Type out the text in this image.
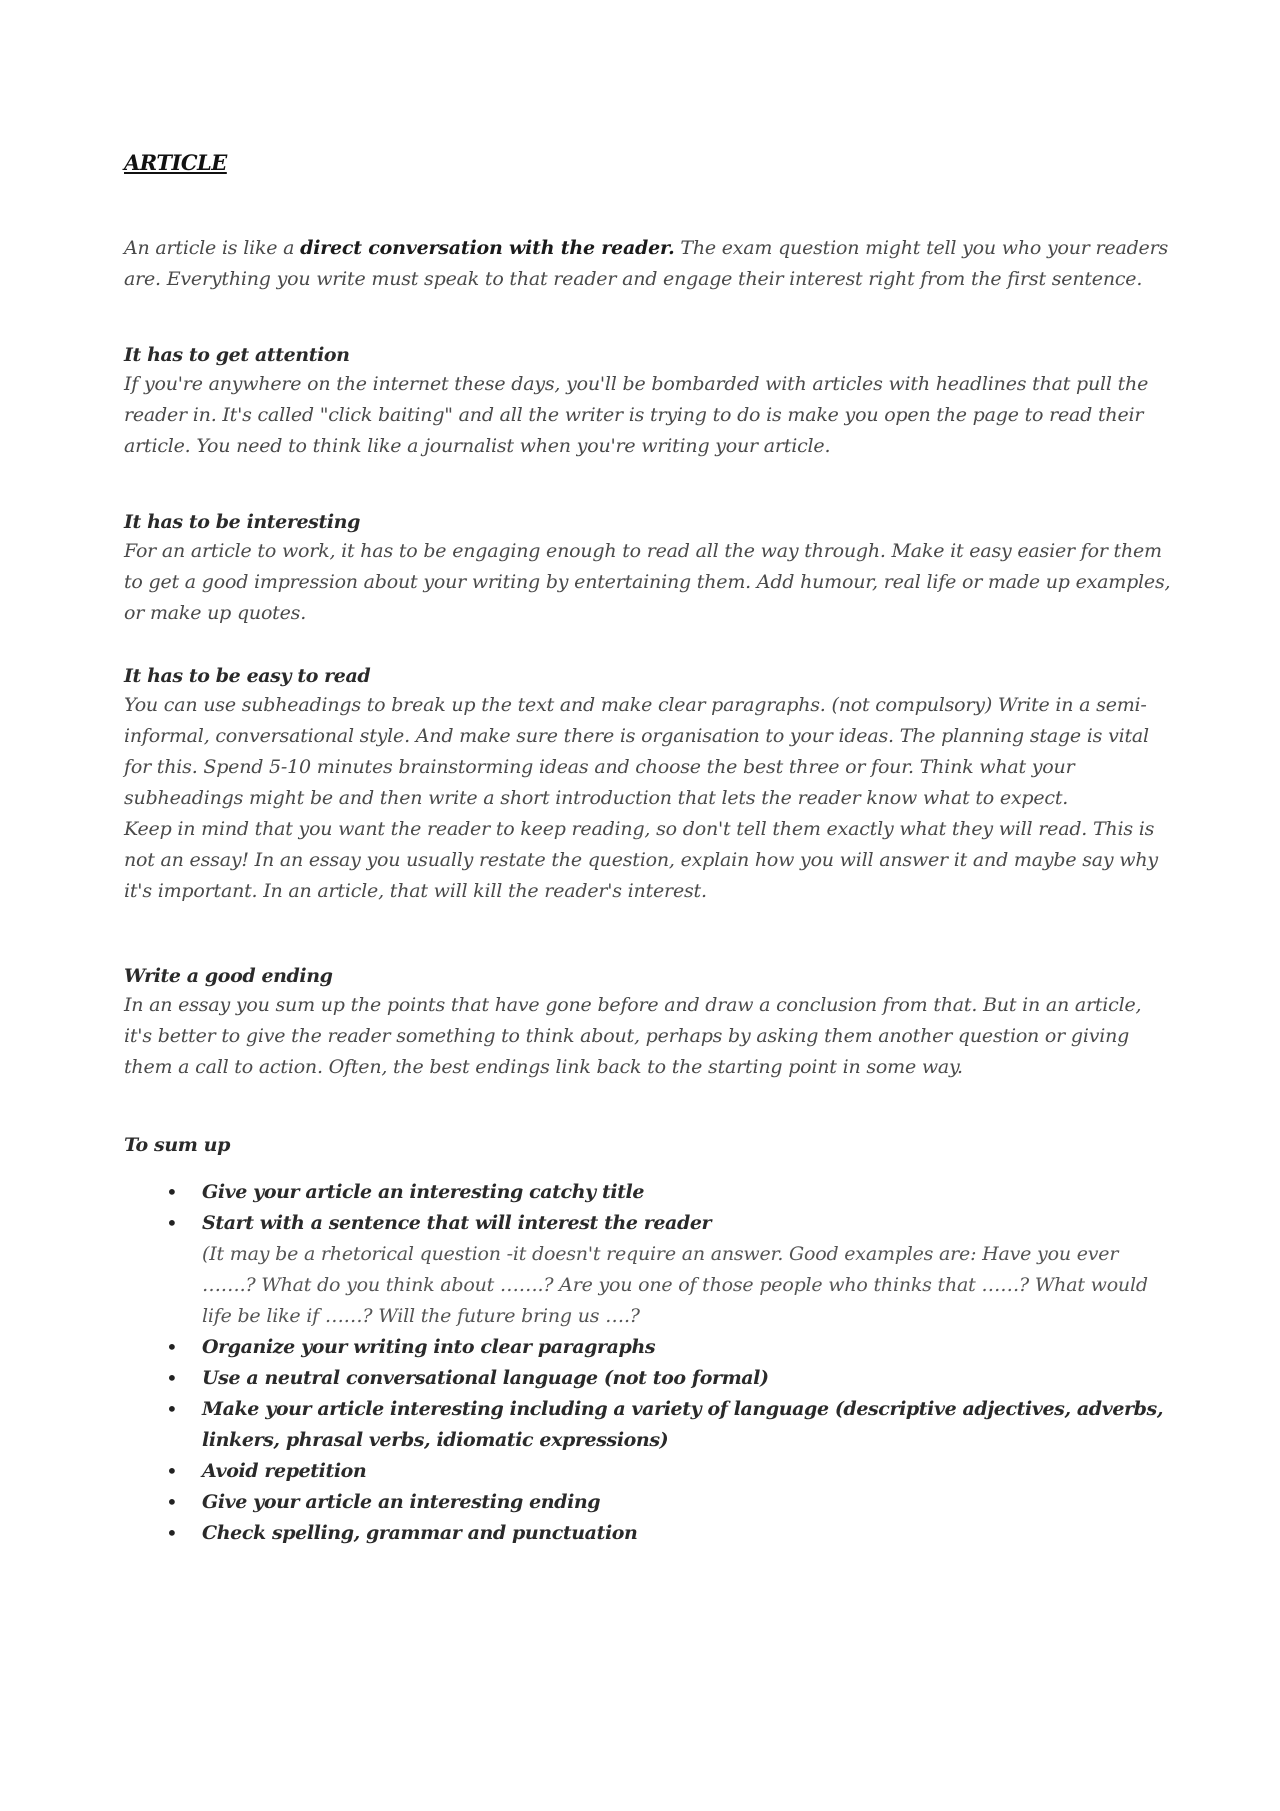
ARTICLE

An article is like a direct conversation with the reader. The exam question might tell you who your readers are. Everything you write must speak to that reader and engage their interest right from the first sentence.

It has to get attention

If you're anywhere on the internet these days, you'll be bombarded with articles with headlines that pull the reader in. It's called "click baiting" and all the writer is trying to do is make you open the page to read their article. You need to think like a journalist when you're writing your article.

It has to be interesting

For an article to work, it has to be engaging enough to read all the way through. Make it easy easier for them to get a good impression about your writing by entertaining them. Add humour, real life or made up examples, or make up quotes.

It has to be easy to read

You can use subheadings to break up the text and make clear paragraphs. (not compulsory) Write in a semi-informal, conversational style. And make sure there is organisation to your ideas. The planning stage is vital for this. Spend 5-10 minutes brainstorming ideas and choose the best three or four. Think what your subheadings might be and then write a short introduction that lets the reader know what to expect.

Keep in mind that you want the reader to keep reading, so don't tell them exactly what they will read. This is not an essay! In an essay you usually restate the question, explain how you will answer it and maybe say why it's important. In an article, that will kill the reader's interest.

Write a good ending

In an essay you sum up the points that have gone before and draw a conclusion from that. But in an article, it's better to give the reader something to think about, perhaps by asking them another question or giving them a call to action. Often, the best endings link back to the starting point in some way.

To sum up
• Give your article an interesting catchy title
• Start with a sentence that will interest the reader
(It may be a rhetorical question -it doesn't require an answer. Good examples are: Have you ever …….? What do you think about …….? Are you one of those people who thinks that ……? What would life be like if ……? Will the future bring us ….?
• Organize your writing into clear paragraphs
• Use a neutral conversational language (not too formal)
• Make your article interesting including a variety of language (descriptive adjectives, adverbs, linkers, phrasal verbs, idiomatic expressions)
• Avoid repetition
• Give your article an interesting ending
• Check spelling, grammar and punctuation
